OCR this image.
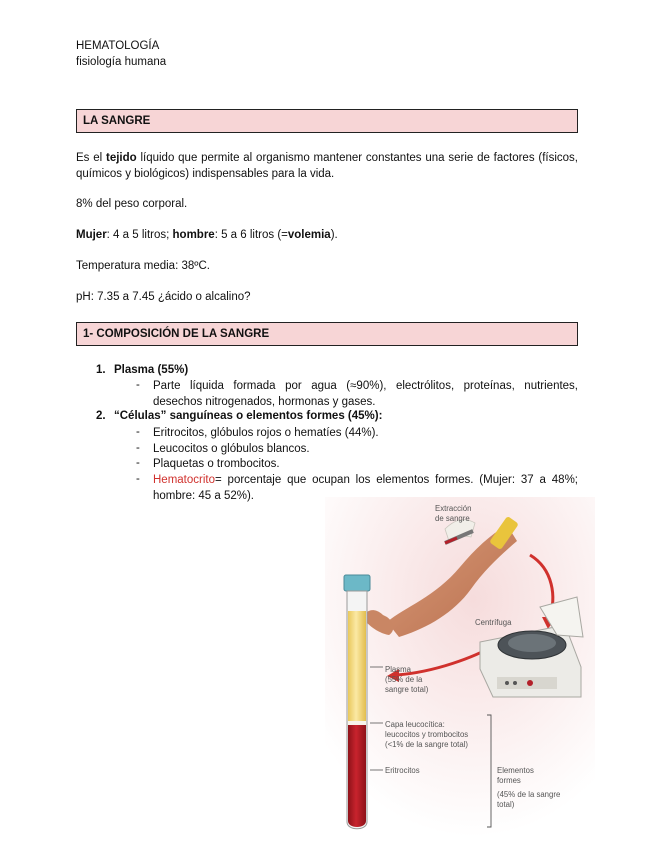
HEMATOLOGÍA
fisiología humana
LA SANGRE
Es el tejido líquido que permite al organismo mantener constantes una serie de factores (físicos, químicos y biológicos) indispensables para la vida.
8% del peso corporal.
Mujer: 4 a 5 litros; hombre: 5 a 6 litros (=volemia).
Temperatura media: 38ºC.
pH: 7.35 a 7.45 ¿ácido o alcalino?
1- COMPOSICIÓN DE LA SANGRE
1. Plasma (55%)
- Parte líquida formada por agua (≈90%), electrólitos, proteínas, nutrientes, desechos nitrogenados, hormonas y gases.
2. “Células” sanguíneas o elementos formes (45%):
- Eritrocitos, glóbulos rojos o hematíes (44%).
- Leucocitos o glóbulos blancos.
- Plaquetas o trombocitos.
- Hematocrito= porcentaje que ocupan los elementos formes. (Mujer: 37 a 48%; hombre: 45 a 52%).
Extracción
de sangre
Centrífuga
Plasma
(55% de la
sangre total)
Capa leucocítica:
leucocitos y trombocitos
(<1% de la sangre total)
Eritrocitos	Elementos
formes
(45% de la sangre
total)
